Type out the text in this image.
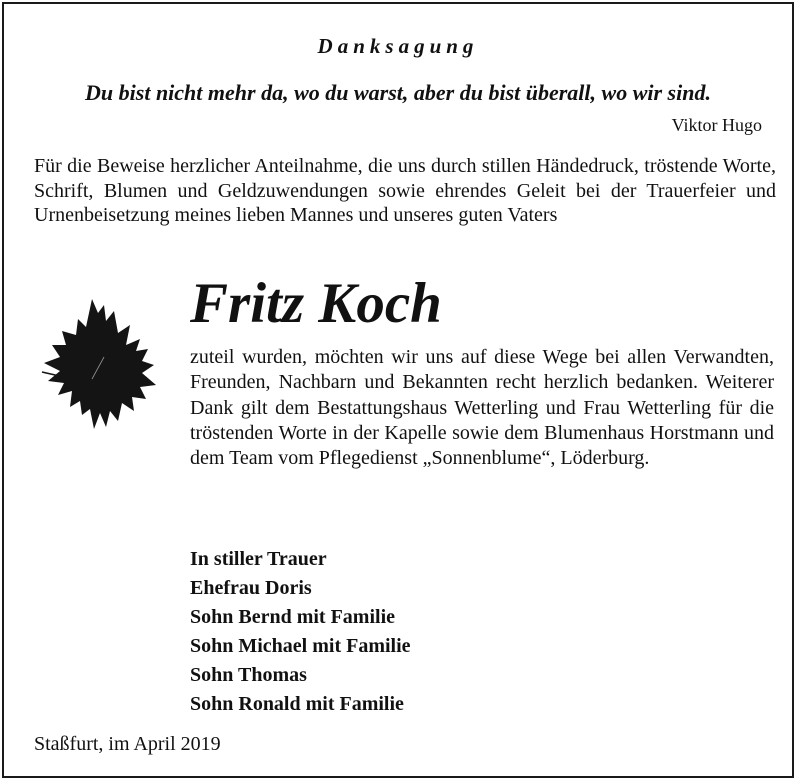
Danksagung
Du bist nicht mehr da, wo du warst, aber du bist überall, wo wir sind.
Viktor Hugo

Für die Beweise herzlicher Anteilnahme, die uns durch stillen Händedruck, tröstende Worte, Schrift, Blumen und Geldzuwendungen sowie ehrendes Geleit bei der Trauerfeier und Urnenbeisetzung meines lieben Mannes und unseres guten Vaters

Fritz Koch

zuteil wurden, möchten wir uns auf diese Wege bei allen Verwandten, Freunden, Nachbarn und Bekannten recht herzlich bedanken. Weiterer Dank gilt dem Bestattungshaus Wetterling und Frau Wetterling für die tröstenden Worte in der Kapelle sowie dem Blumenhaus Horstmann und dem Team vom Pflegedienst „Sonnenblume“, Löderburg.

In stiller Trauer
Ehefrau Doris
Sohn Bernd mit Familie
Sohn Michael mit Familie
Sohn Thomas
Sohn Ronald mit Familie
Staßfurt, im April 2019
